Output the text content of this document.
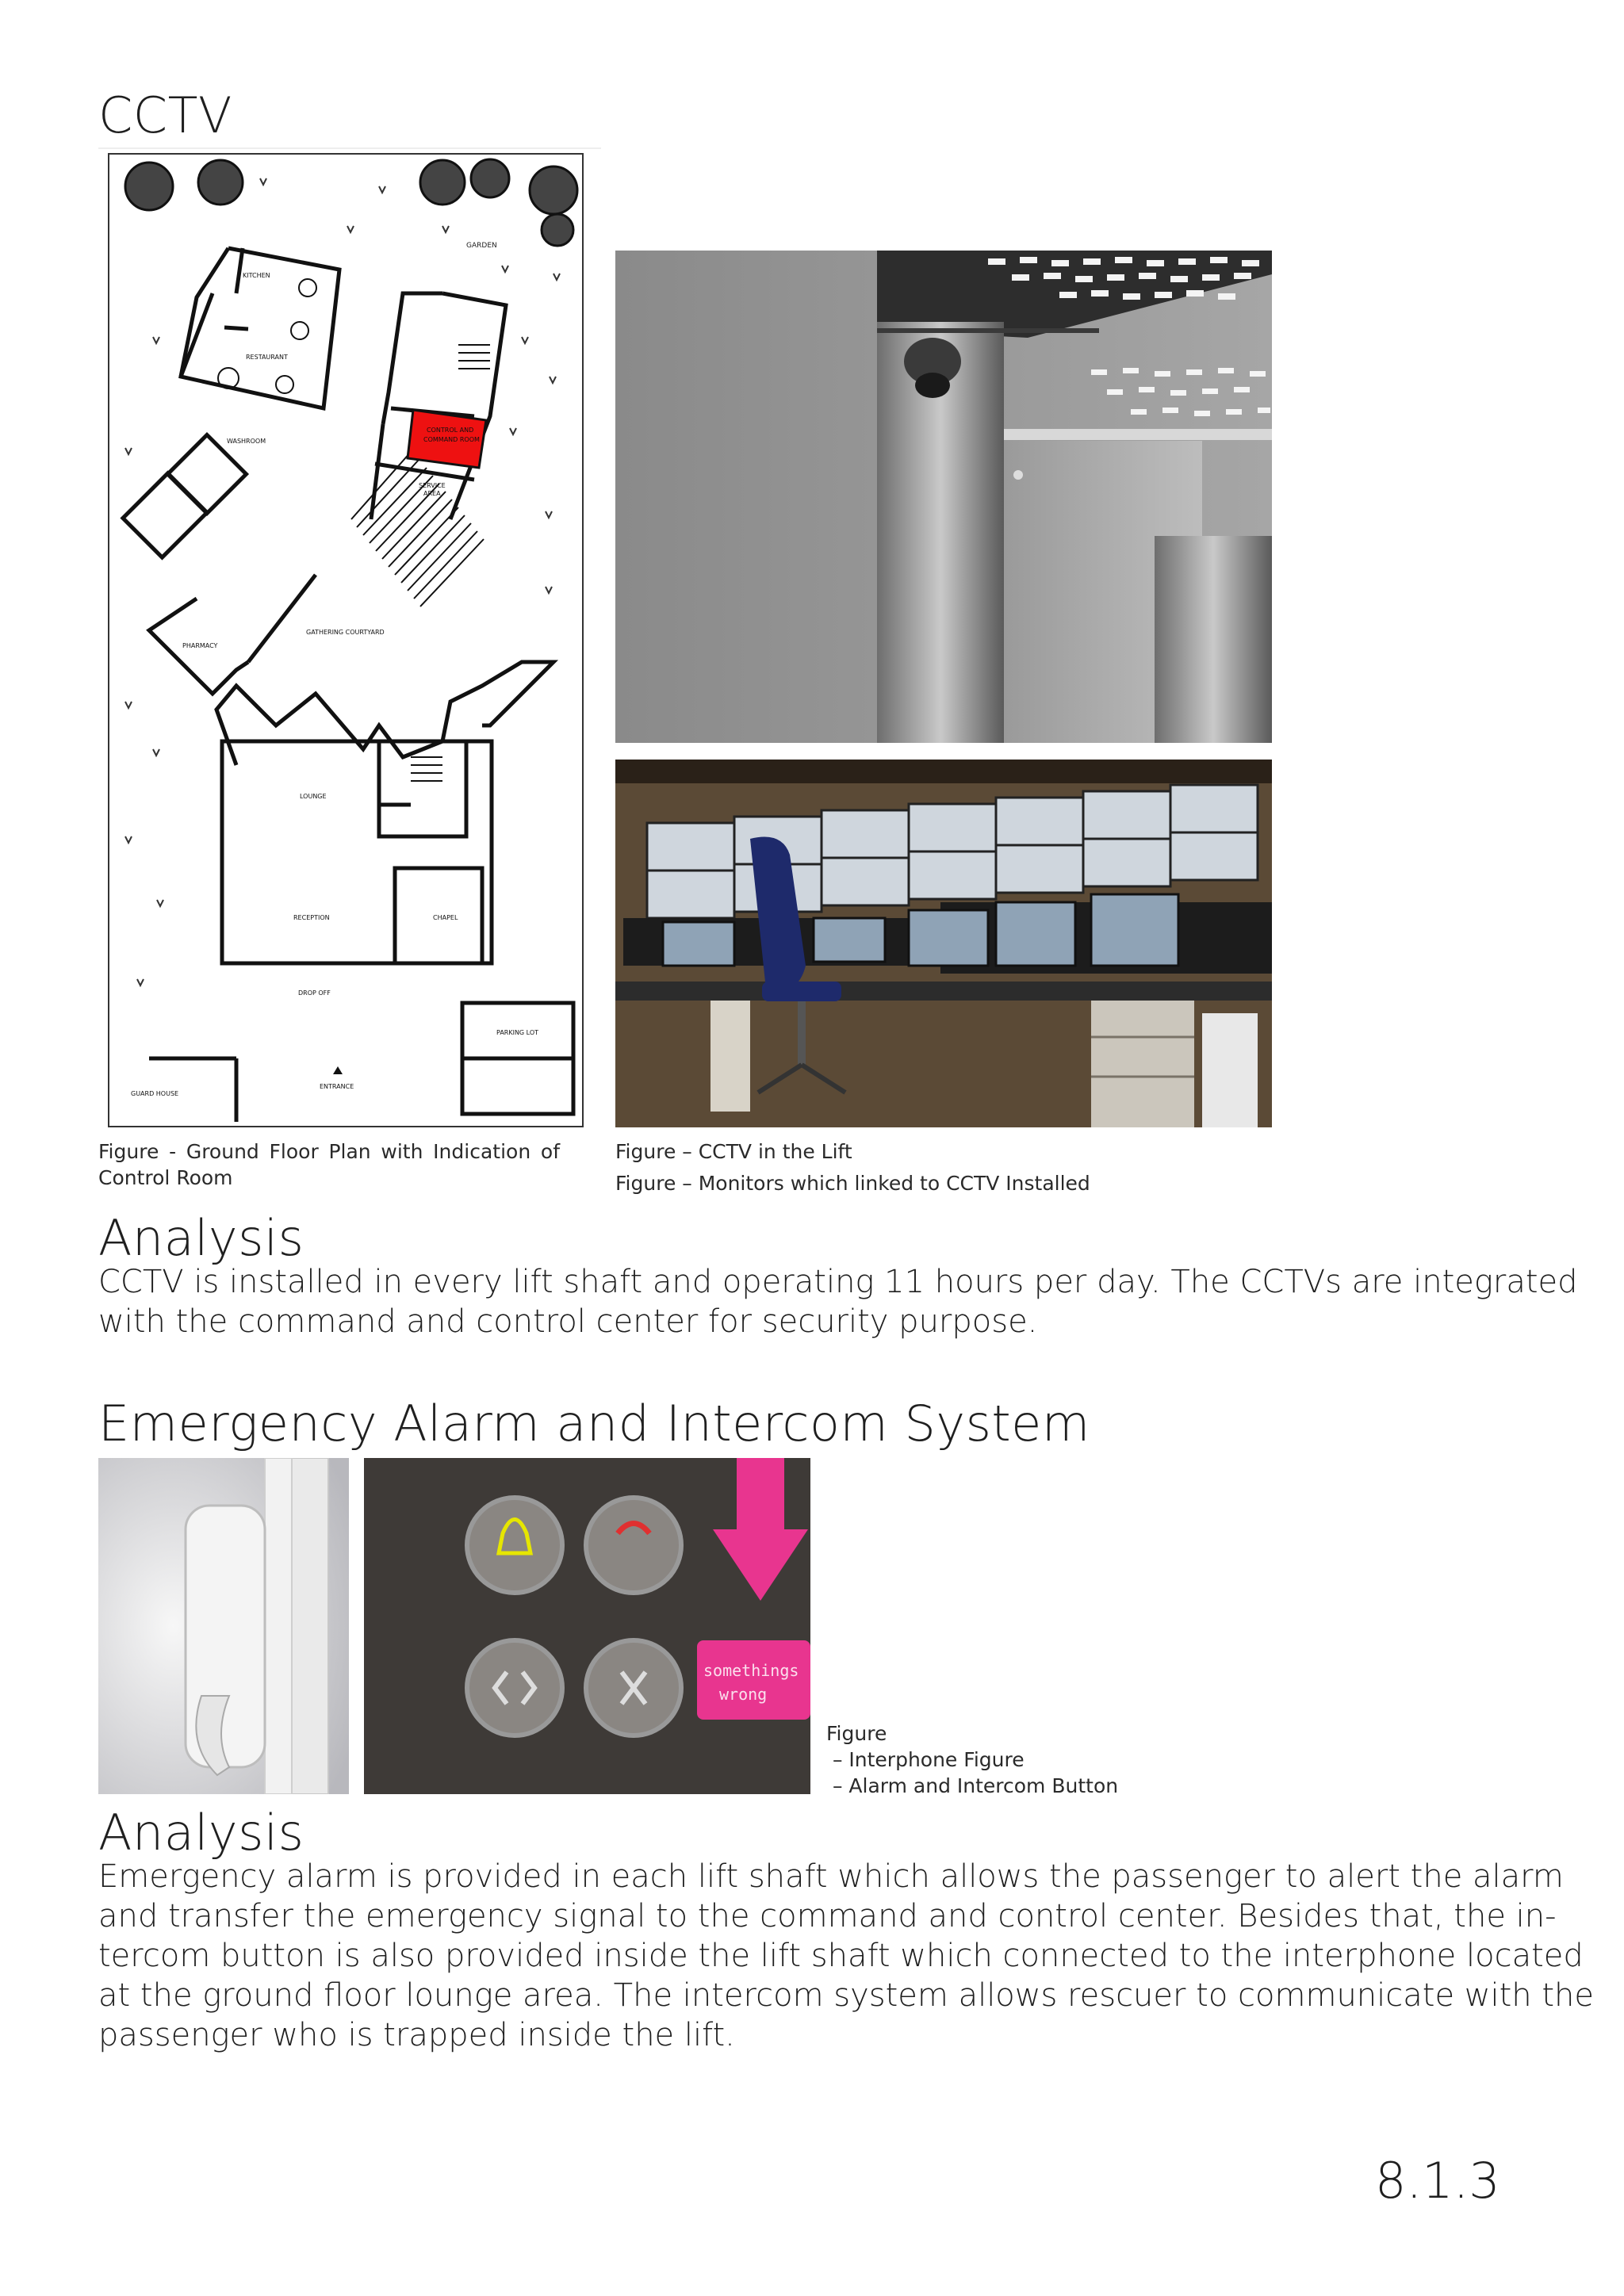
CCTV
GARDEN
CONTROL AND
COMMAND ROOM
SERVICE
AREA
KITCHEN
RESTAURANT
WASHROOM
PHARMACY
GATHERING COURTYARD
LOUNGE
RECEPTION	CHAPEL
DROP OFF
PARKING LOT
GUARD HOUSE
ENTRANCE
Figure - Ground Floor Plan with Indication of Control Room
Figure – CCTV in the Lift
Figure – Monitors which linked to CCTV Installed
Analysis
CCTV is installed in every lift shaft and operating 11 hours per day. The CCTVs are integrated
with the command and control center for security purpose.
Emergency Alarm and Intercom System
somethings
wrong
Figure
– Interphone Figure
– Alarm and Intercom Button
Analysis
Emergency alarm is provided in each lift shaft which allows the passenger to alert the alarm
and transfer the emergency signal to the command and control center. Besides that, the in-
tercom button is also provided inside the lift shaft which connected to the interphone located
at the ground floor lounge area. The intercom system allows rescuer to communicate with the
passenger who is trapped inside the lift.
8.1.3
